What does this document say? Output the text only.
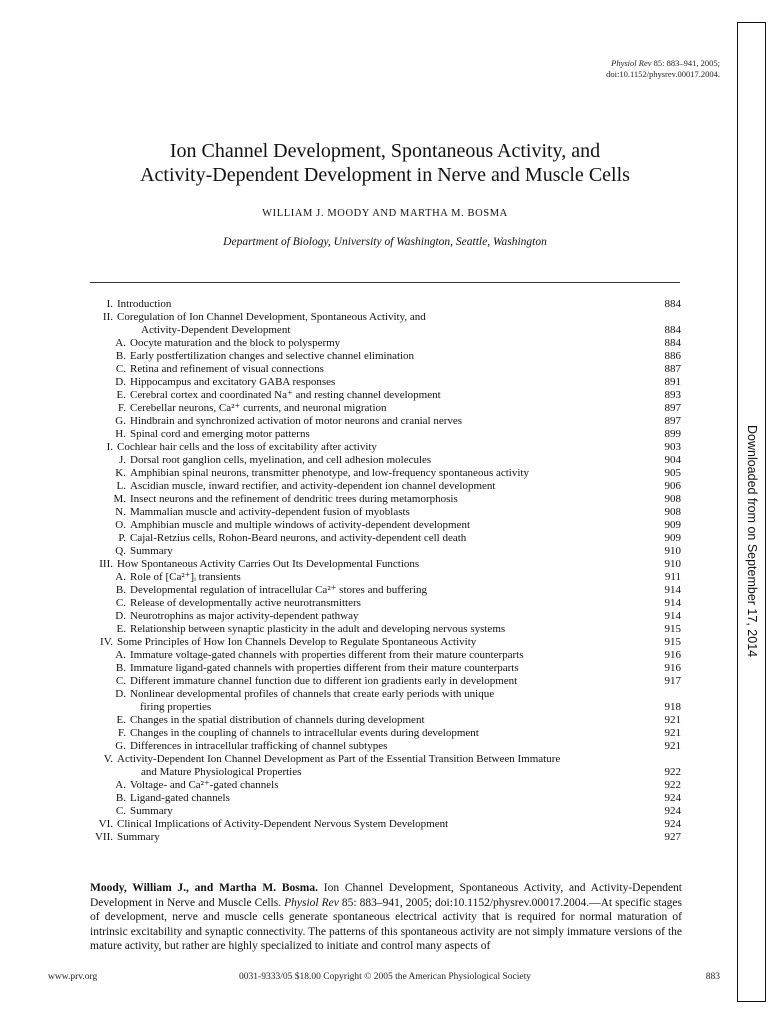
Physiol Rev 85: 883–941, 2005;
doi:10.1152/physrev.00017.2004.
Ion Channel Development, Spontaneous Activity, and
Activity-Dependent Development in Nerve and Muscle Cells
WILLIAM J. MOODY AND MARTHA M. BOSMA
Department of Biology, University of Washington, Seattle, Washington
I. Introduction	884
II. Coregulation of Ion Channel Development, Spontaneous Activity, and
Activity-Dependent Development	884
A. Oocyte maturation and the block to polyspermy	884
B. Early postfertilization changes and selective channel elimination	886
C. Retina and refinement of visual connections	887
D. Hippocampus and excitatory GABA responses	891
E. Cerebral cortex and coordinated Na⁺ and resting channel development	893
F. Cerebellar neurons, Ca²⁺ currents, and neuronal migration	897
G. Hindbrain and synchronized activation of motor neurons and cranial nerves	897
H. Spinal cord and emerging motor patterns	899
I. Cochlear hair cells and the loss of excitability after activity	903
J. Dorsal root ganglion cells, myelination, and cell adhesion molecules	904
K. Amphibian spinal neurons, transmitter phenotype, and low-frequency spontaneous activity	905
L. Ascidian muscle, inward rectifier, and activity-dependent ion channel development	906
M. Insect neurons and the refinement of dendritic trees during metamorphosis	908
N. Mammalian muscle and activity-dependent fusion of myoblasts	908
O. Amphibian muscle and multiple windows of activity-dependent development	909
P. Cajal-Retzius cells, Rohon-Beard neurons, and activity-dependent cell death	909
Q. Summary	910
III. How Spontaneous Activity Carries Out Its Developmental Functions	910
A. Role of [Ca²⁺]ᵢ transients	911
B. Developmental regulation of intracellular Ca²⁺ stores and buffering	914
C. Release of developmentally active neurotransmitters	914
D. Neurotrophins as major activity-dependent pathway	914
E. Relationship between synaptic plasticity in the adult and developing nervous systems	915
IV. Some Principles of How Ion Channels Develop to Regulate Spontaneous Activity	915
A. Immature voltage-gated channels with properties different from their mature counterparts	916
B. Immature ligand-gated channels with properties different from their mature counterparts	916
C. Different immature channel function due to different ion gradients early in development	917
D. Nonlinear developmental profiles of channels that create early periods with unique
firing properties	918
E. Changes in the spatial distribution of channels during development	921
F. Changes in the coupling of channels to intracellular events during development	921
G. Differences in intracellular trafficking of channel subtypes	921
V. Activity-Dependent Ion Channel Development as Part of the Essential Transition Between Immature
and Mature Physiological Properties	922
A. Voltage- and Ca²⁺-gated channels	922
B. Ligand-gated channels	924
C. Summary	924
VI. Clinical Implications of Activity-Dependent Nervous System Development	924
VII. Summary	927
Moody, William J., and Martha M. Bosma. Ion Channel Development, Spontaneous Activity, and Activity-Dependent Development in Nerve and Muscle Cells. Physiol Rev 85: 883–941, 2005; doi:10.1152/physrev.00017.2004.—At specific stages of development, nerve and muscle cells generate spontaneous electrical activity that is required for normal maturation of intrinsic excitability and synaptic connectivity. The patterns of this spontaneous activity are not simply immature versions of the mature activity, but rather are highly specialized to initiate and control many aspects of
www.prv.org	0031-9333/05 $18.00 Copyright © 2005 the American Physiological Society	883
Downloaded from on September 17, 2014
